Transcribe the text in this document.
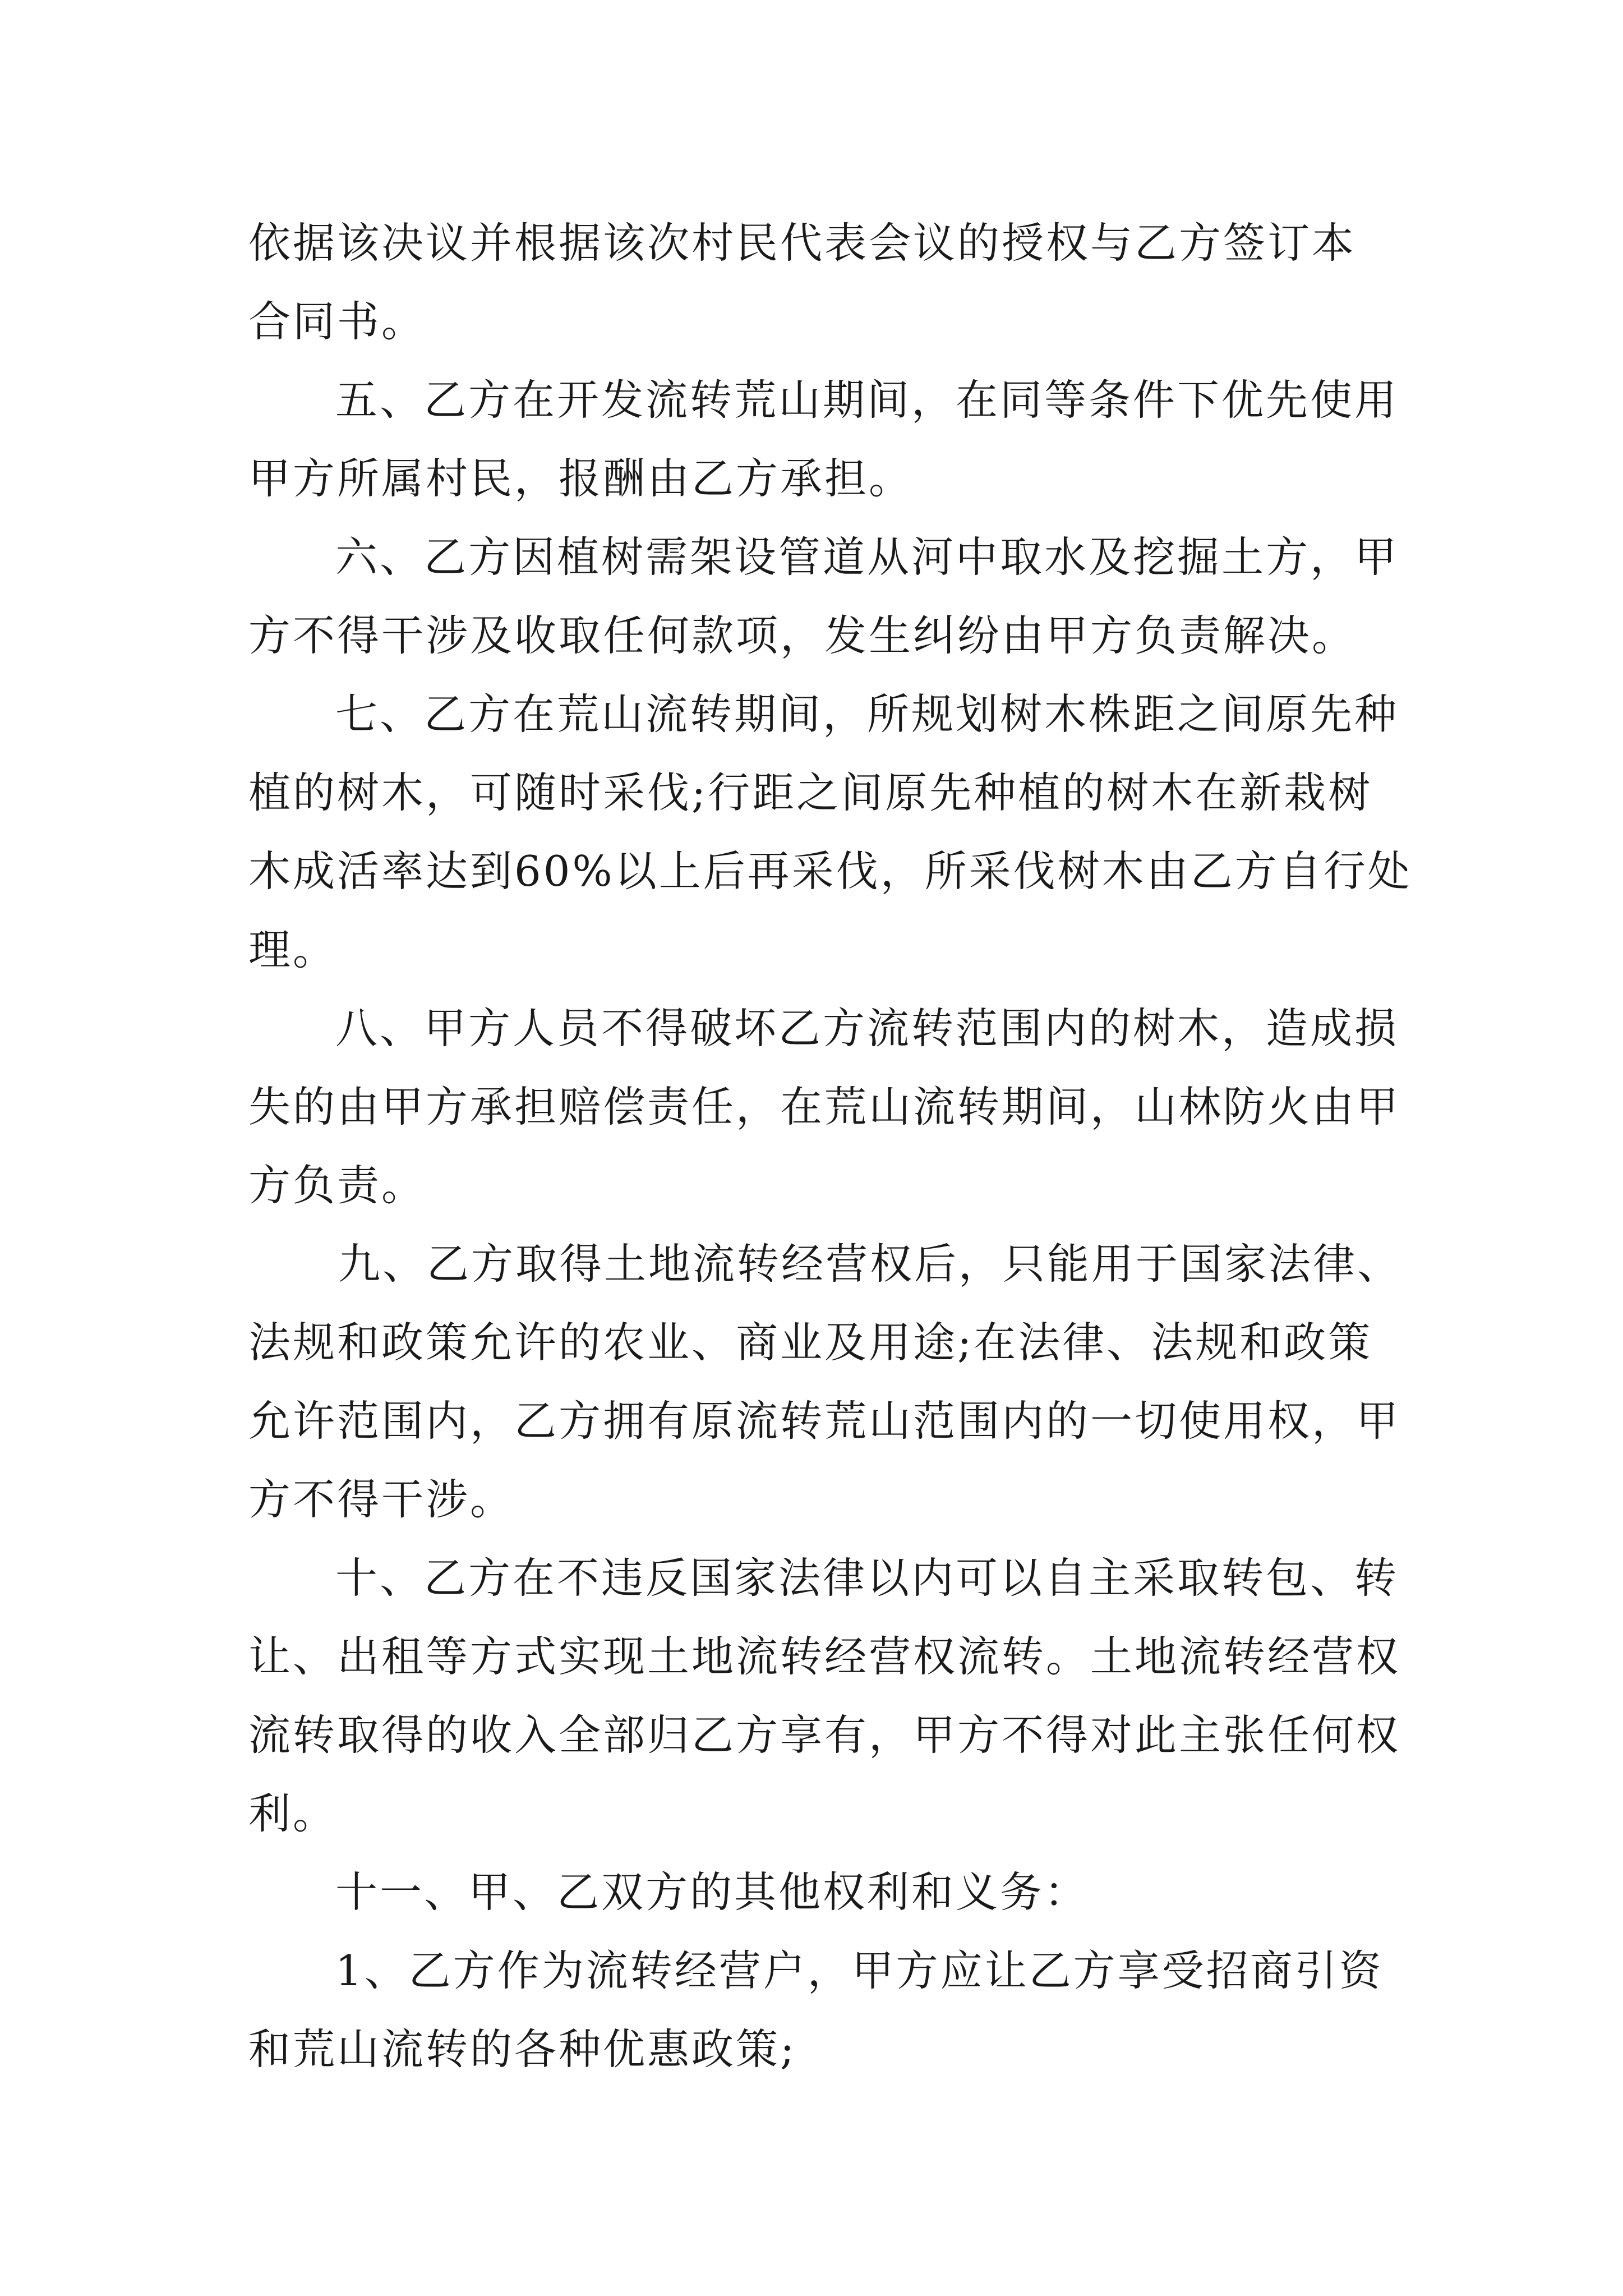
依据该决议并根据该次村民代表会议的授权与乙方签订本
合同书。
五、乙方在开发流转荒山期间，在同等条件下优先使用
甲方所属村民，报酬由乙方承担。
六、乙方因植树需架设管道从河中取水及挖掘土方，甲
方不得干涉及收取任何款项，发生纠纷由甲方负责解决。
七、乙方在荒山流转期间，所规划树木株距之间原先种
植的树木，可随时采伐;行距之间原先种植的树木在新栽树
木成活率达到60%以上后再采伐，所采伐树木由乙方自行处
理。
八、甲方人员不得破坏乙方流转范围内的树木，造成损
失的由甲方承担赔偿责任，在荒山流转期间，山林防火由甲
方负责。
九、乙方取得土地流转经营权后，只能用于国家法律、
法规和政策允许的农业、商业及用途;在法律、法规和政策
允许范围内，乙方拥有原流转荒山范围内的一切使用权，甲
方不得干涉。
十、乙方在不违反国家法律以内可以自主采取转包、转
让、出租等方式实现土地流转经营权流转。土地流转经营权
流转取得的收入全部归乙方享有，甲方不得对此主张任何权
利。
十一、甲、乙双方的其他权利和义务：
1、乙方作为流转经营户，甲方应让乙方享受招商引资
和荒山流转的各种优惠政策;
